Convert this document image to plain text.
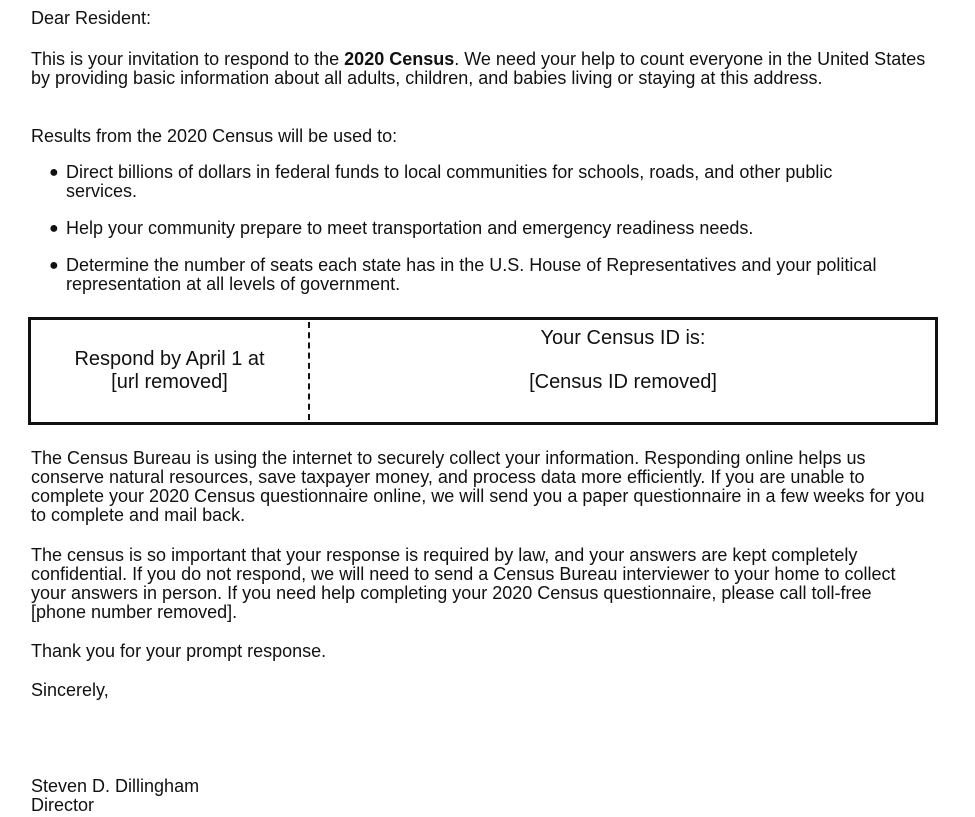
Dear Resident:

This is your invitation to respond to the 2020 Census. We need your help to count everyone in the United States by providing basic information about all adults, children, and babies living or staying at this address.

Results from the 2020 Census will be used to:

● Direct billions of dollars in federal funds to local communities for schools, roads, and other public services.
● Help your community prepare to meet transportation and emergency readiness needs.
● Determine the number of seats each state has in the U.S. House of Representatives and your political representation at all levels of government.
Respond by April 1 at
[url removed]
Your Census ID is:
[Census ID removed]

The Census Bureau is using the internet to securely collect your information. Responding online helps us conserve natural resources, save taxpayer money, and process data more efficiently. If you are unable to complete your 2020 Census questionnaire online, we will send you a paper questionnaire in a few weeks for you to complete and mail back.

The census is so important that your response is required by law, and your answers are kept completely confidential. If you do not respond, we will need to send a Census Bureau interviewer to your home to collect your answers in person. If you need help completing your 2020 Census questionnaire, please call toll-free [phone number removed].

Thank you for your prompt response.

Sincerely,

Steven D. Dillingham

Director
